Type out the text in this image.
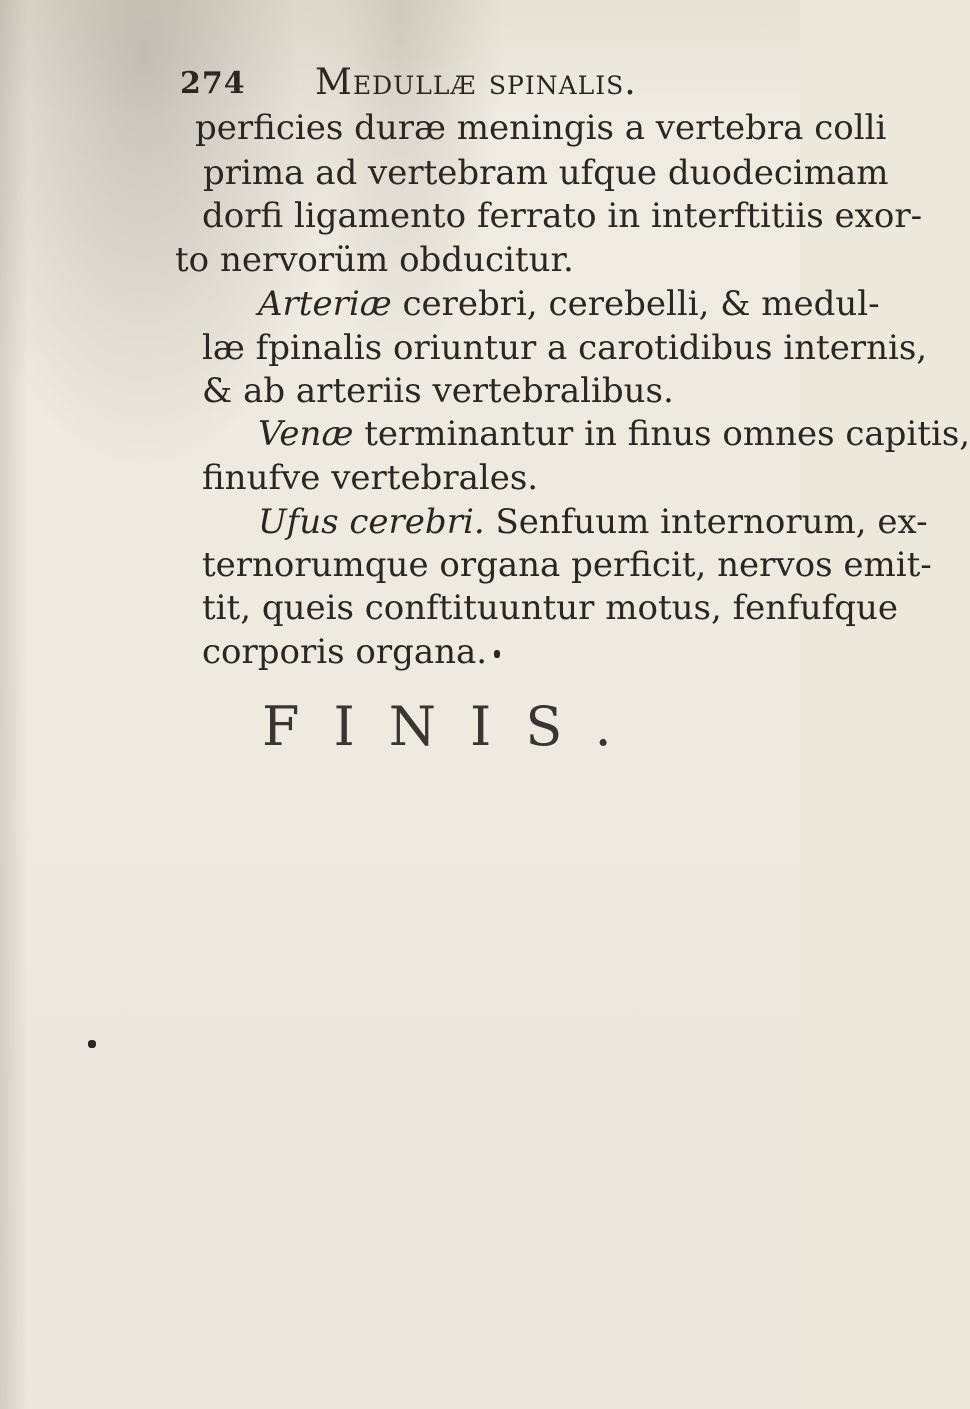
274 Medullæ spinalis.
perficies duræ meningis a vertebra colli
prima ad vertebram ufque duodecimam
dorfi ligamento ferrato in interftitiis exor-
to nervorüm obducitur.
Arteriæ cerebri, cerebelli, & medul-
læ fpinalis oriuntur a carotidibus internis,
& ab arteriis vertebralibus.
Venæ terminantur in finus omnes capitis,
finufve vertebrales.
Ufus cerebri. Senfuum internorum, ex-
ternorumque organa perficit, nervos emit-
tit, queis conftituuntur motus, fenfufque
corporis organa.
FINIS.
